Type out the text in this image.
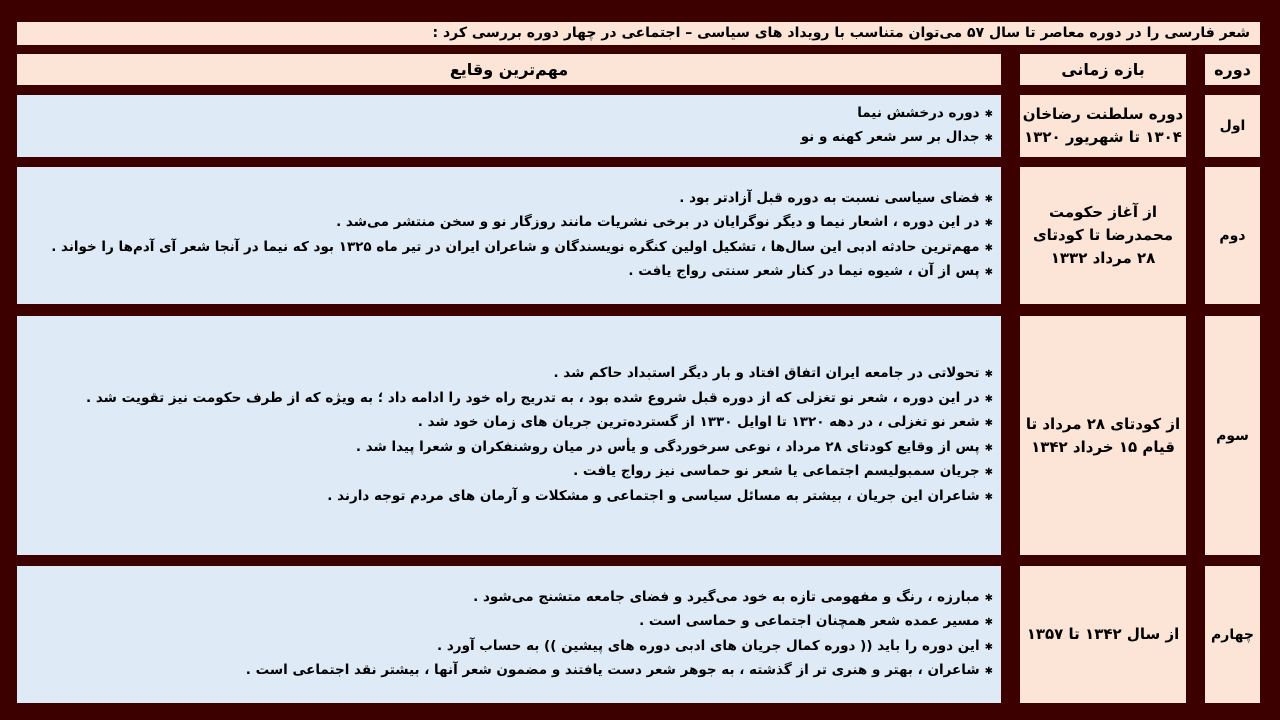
شعر فارسی را در دوره معاصر تا سال ۵۷ می‌توان متناسب با رویداد های سیاسی – اجتماعی در چهار دوره بررسی کرد :
دوره
بازه زمانی
مهم‌ترین وقایع
اول
دوره سلطنت رضاخان
۱۳۰۴ تا شهریور ۱۳۲۰
✱ دوره درخشش نیما
✱ جدال بر سر شعر کهنه و نو
دوم
از آغاز حکومت
محمدرضا تا کودتای
۲۸ مرداد ۱۳۳۲
✱ فضای سیاسی نسبت به دوره قبل آزادتر بود .
✱ در این دوره ، اشعار نیما و دیگر نوگرایان در برخی نشریات مانند روزگار نو و سخن منتشر می‌شد .
✱ مهم‌ترین حادثه ادبی این سال‌ها ، تشکیل اولین کنگره نویسندگان و شاعران ایران در تیر ماه ۱۳۲۵ بود که نیما در آنجا شعر آی آدم‌ها را خواند .
✱ پس از آن ، شیوه نیما در کنار شعر سنتی رواج یافت .
سوم
از کودتای ۲۸ مرداد تا
قیام ۱۵ خرداد ۱۳۴۲
✱ تحولاتی در جامعه ایران اتفاق افتاد و بار دیگر استبداد حاکم شد .
✱ در این دوره ، شعر نو تغزلی که از دوره قبل شروع شده بود ، به تدریج راه خود را ادامه داد ؛ به ویژه که از طرف حکومت نیز تقویت شد .
✱ شعر نو تغزلی ، در دهه ۱۳۲۰ تا اوایل ۱۳۳۰ از گسترده‌ترین جریان های زمان خود شد .
✱ پس از وقایع کودتای ۲۸ مرداد ، نوعی سرخوردگی و یأس در میان روشنفکران و شعرا پیدا شد .
✱ جریان سمبولیسم اجتماعی یا شعر نو حماسی نیز رواج یافت .
✱ شاعران این جریان ، بیشتر به مسائل سیاسی و اجتماعی و مشکلات و آرمان های مردم توجه دارند .
چهارم
از سال ۱۳۴۲ تا ۱۳۵۷
✱ مبارزه ، رنگ و مفهومی تازه به خود می‌گیرد و فضای جامعه متشنج می‌شود .
✱ مسیر عمده شعر همچنان اجتماعی و حماسی است .
✱ این دوره را باید (( دوره کمال جریان های ادبی دوره های پیشین )) به حساب آورد .
✱ شاعران ، بهتر و هنری تر از گذشته ، به جوهر شعر دست یافتند و مضمون شعر آنها ، بیشتر نقد اجتماعی است .
